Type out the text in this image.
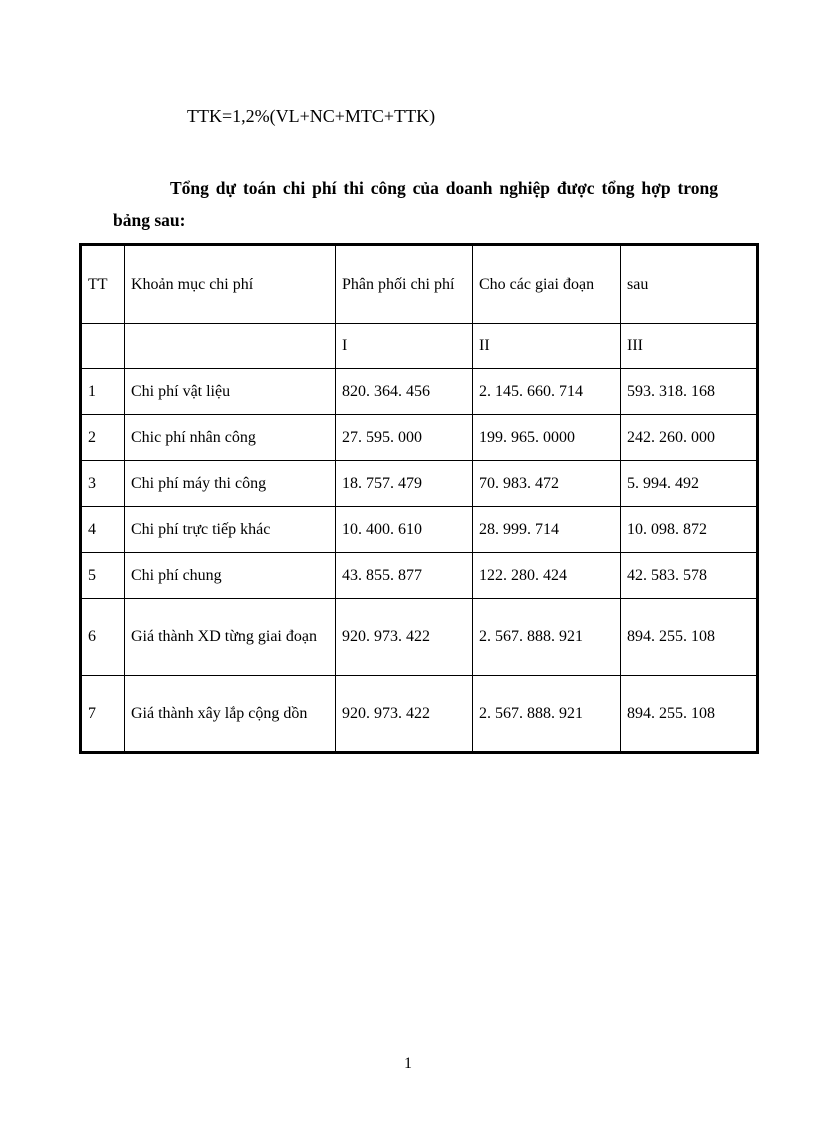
TTK=1,2%(VL+NC+MTC+TTK)

Tổng dự toán chi phí thi công của doanh nghiệp được tổng hợp trong bảng sau:

TT	Khoản mục chi phí	Phân phối chi phí	Cho các giai đoạn	sau
		I	II	III
1	Chi phí vật liệu	820. 364. 456	2. 145. 660. 714	593. 318. 168
2	Chic phí nhân công	27. 595. 000	199. 965. 0000	242. 260. 000
3	Chi phí máy thi công	18. 757. 479	70. 983. 472	5. 994. 492
4	Chi phí trực tiếp khác	10. 400. 610	28. 999. 714	10. 098. 872
5	Chi phí chung	43. 855. 877	122. 280. 424	42. 583. 578
6	Giá thành XD từng giai đoạn	920. 973. 422	2. 567. 888. 921	894. 255. 108
7	Giá thành xây lắp cộng dồn	920. 973. 422	2. 567. 888. 921	894. 255. 108
1
